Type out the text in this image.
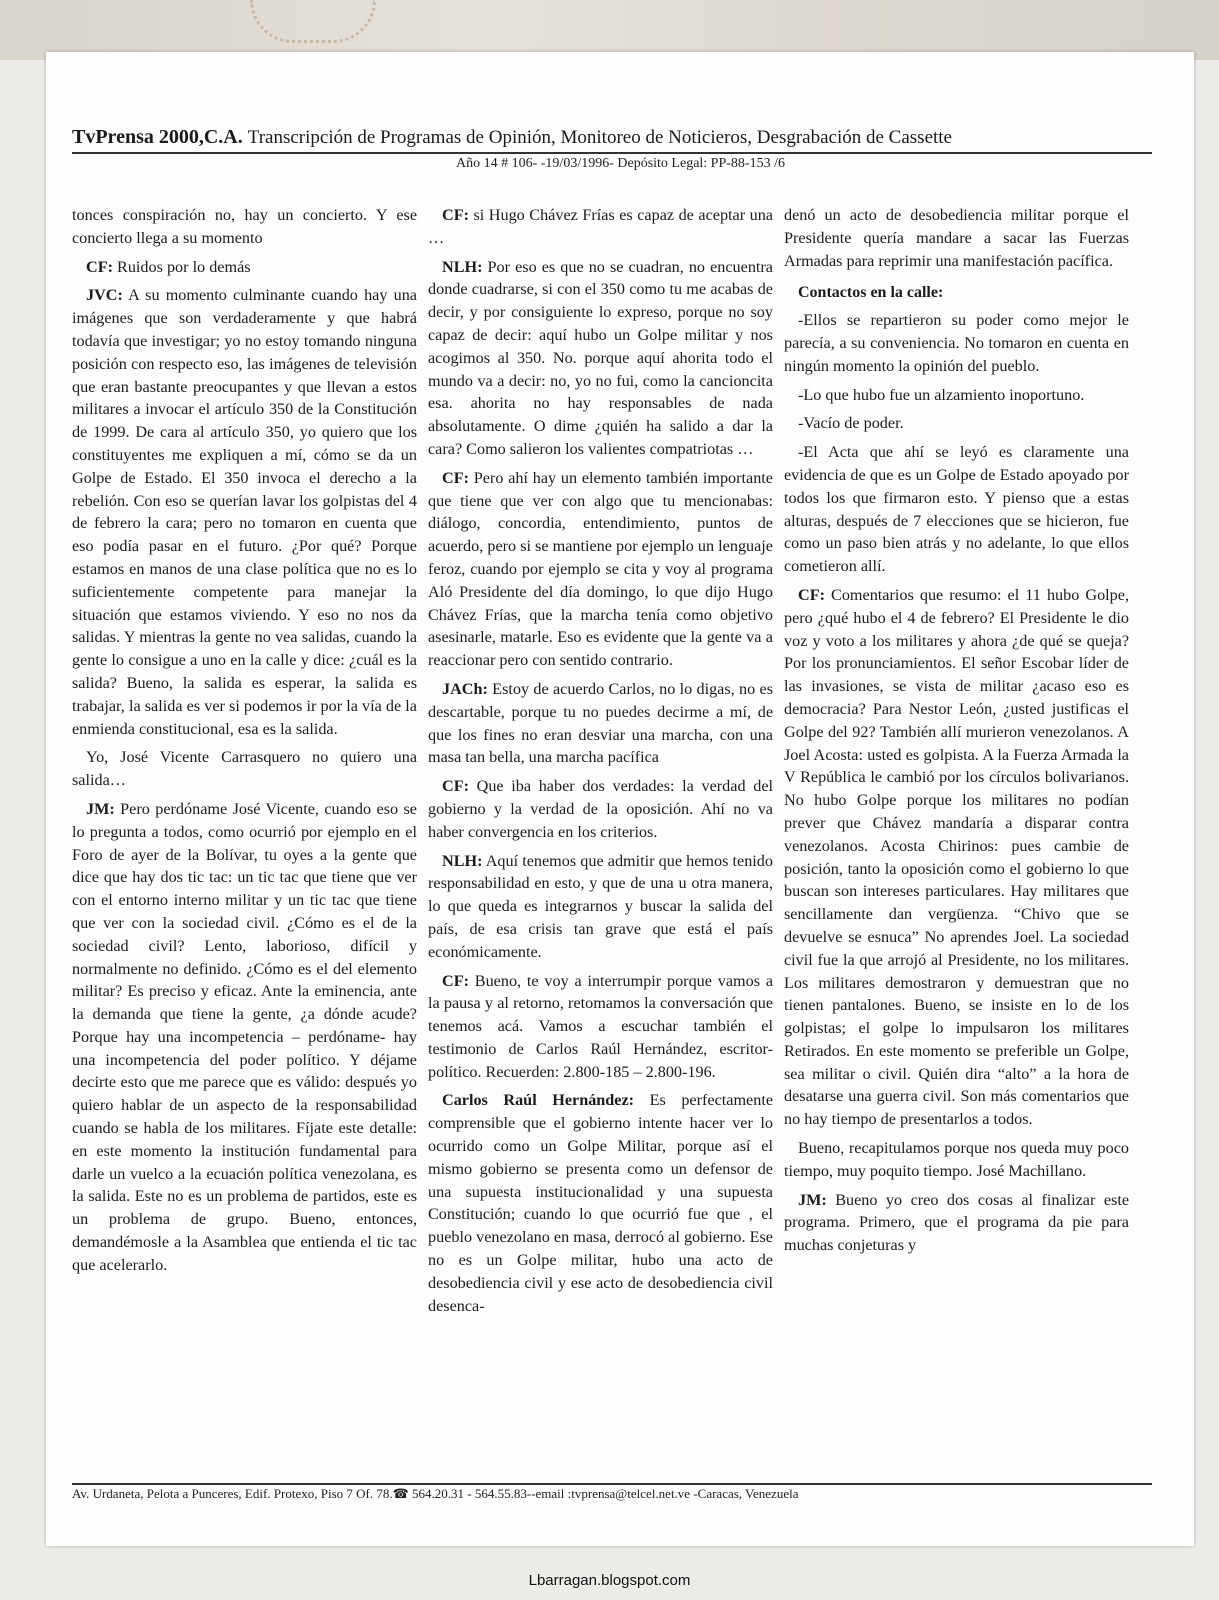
TvPrensa 2000,C.A. Transcripción de Programas de Opinión, Monitoreo de Noticieros, Desgrabación de Cassette
Año 14 # 106- -19/03/1996- Depósito Legal: PP-88-153 /6

tonces conspiración no, hay un concierto. Y ese concierto llega a su momento

CF: Ruidos por lo demás

JVC: A su momento culminante cuando hay una imágenes que son verdaderamente y que habrá todavía que investigar; yo no estoy tomando ninguna posición con respecto eso, las imágenes de televisión que eran bastante preocupantes y que llevan a estos militares a invocar el artículo 350 de la Constitución de 1999. De cara al artículo 350, yo quiero que los constituyentes me expliquen a mí, cómo se da un Golpe de Estado. El 350 invoca el derecho a la rebelión. Con eso se querían lavar los golpistas del 4 de febrero la cara; pero no tomaron en cuenta que eso podía pasar en el futuro. ¿Por qué? Porque estamos en manos de una clase política que no es lo suficientemente competente para manejar la situación que estamos viviendo. Y eso no nos da salidas. Y mientras la gente no vea salidas, cuando la gente lo consigue a uno en la calle y dice: ¿cuál es la salida? Bueno, la salida es esperar, la salida es trabajar, la salida es ver si podemos ir por la vía de la enmienda constitucional, esa es la salida.

Yo, José Vicente Carrasquero no quiero una salida…

JM: Pero perdóname José Vicente, cuando eso se lo pregunta a todos, como ocurrió por ejemplo en el Foro de ayer de la Bolívar, tu oyes a la gente que dice que hay dos tic tac: un tic tac que tiene que ver con el entorno interno militar y un tic tac que tiene que ver con la sociedad civil. ¿Cómo es el de la sociedad civil? Lento, laborioso, difícil y normalmente no definido. ¿Cómo es el del elemento militar? Es preciso y eficaz. Ante la eminencia, ante la demanda que tiene la gente, ¿a dónde acude? Porque hay una incompetencia – perdóname- hay una incompetencia del poder político. Y déjame decirte esto que me parece que es válido: después yo quiero hablar de un aspecto de la responsabilidad cuando se habla de los militares. Fíjate este detalle: en este momento la institución fundamental para darle un vuelco a la ecuación política venezolana, es la salida. Este no es un problema de partidos, este es un problema de grupo. Bueno, entonces, demandémosle a la Asamblea que entienda el tic tac que acelerarlo.

CF: si Hugo Chávez Frías es capaz de aceptar una …

NLH: Por eso es que no se cuadran, no encuentra donde cuadrarse, si con el 350 como tu me acabas de decir, y por consiguiente lo expreso, porque no soy capaz de decir: aquí hubo un Golpe militar y nos acogimos al 350. No. porque aquí ahorita todo el mundo va a decir: no, yo no fui, como la cancioncita esa. ahorita no hay responsables de nada absolutamente. O dime ¿quién ha salido a dar la cara? Como salieron los valientes compatriotas …

CF: Pero ahí hay un elemento también importante que tiene que ver con algo que tu mencionabas: diálogo, concordia, entendimiento, puntos de acuerdo, pero si se mantiene por ejemplo un lenguaje feroz, cuando por ejemplo se cita y voy al programa Aló Presidente del día domingo, lo que dijo Hugo Chávez Frías, que la marcha tenía como objetivo asesinarle, matarle. Eso es evidente que la gente va a reaccionar pero con sentido contrario.

JACh: Estoy de acuerdo Carlos, no lo digas, no es descartable, porque tu no puedes decirme a mí, de que los fines no eran desviar una marcha, con una masa tan bella, una marcha pacífica

CF: Que iba haber dos verdades: la verdad del gobierno y la verdad de la oposición. Ahí no va haber convergencia en los criterios.

NLH: Aquí tenemos que admitir que hemos tenido responsabilidad en esto, y que de una u otra manera, lo que queda es integrarnos y buscar la salida del país, de esa crisis tan grave que está el país económicamente.

CF: Bueno, te voy a interrumpir porque vamos a la pausa y al retorno, retomamos la conversación que tenemos acá. Vamos a escuchar también el testimonio de Carlos Raúl Hernández, escritor-político. Recuerden: 2.800-185 – 2.800-196.

Carlos Raúl Hernández: Es perfectamente comprensible que el gobierno intente hacer ver lo ocurrido como un Golpe Militar, porque así el mismo gobierno se presenta como un defensor de una supuesta institucionalidad y una supuesta Constitución; cuando lo que ocurrió fue que , el pueblo venezolano en masa, derrocó al gobierno. Ese no es un Golpe militar, hubo una acto de desobediencia civil y ese acto de desobediencia civil desenca-

denó un acto de desobediencia militar porque el Presidente quería mandare a sacar las Fuerzas Armadas para reprimir una manifestación pacífica.

Contactos en la calle:

-Ellos se repartieron su poder como mejor le parecía, a su conveniencia. No tomaron en cuenta en ningún momento la opinión del pueblo.

-Lo que hubo fue un alzamiento inoportuno.

-Vacío de poder.

-El Acta que ahí se leyó es claramente una evidencia de que es un Golpe de Estado apoyado por todos los que firmaron esto. Y pienso que a estas alturas, después de 7 elecciones que se hicieron, fue como un paso bien atrás y no adelante, lo que ellos cometieron allí.

CF: Comentarios que resumo: el 11 hubo Golpe, pero ¿qué hubo el 4 de febrero? El Presidente le dio voz y voto a los militares y ahora ¿de qué se queja? Por los pronunciamientos. El señor Escobar líder de las invasiones, se vista de militar ¿acaso eso es democracia? Para Nestor León, ¿usted justificas el Golpe del 92? También allí murieron venezolanos. A Joel Acosta: usted es golpista. A la Fuerza Armada la V República le cambió por los círculos bolivarianos. No hubo Golpe porque los militares no podían prever que Chávez mandaría a disparar contra venezolanos. Acosta Chirinos: pues cambie de posición, tanto la oposición como el gobierno lo que buscan son intereses particulares. Hay militares que sencillamente dan vergüenza. “Chivo que se devuelve se esnuca” No aprendes Joel. La sociedad civil fue la que arrojó al Presidente, no los militares. Los militares demostraron y demuestran que no tienen pantalones. Bueno, se insiste en lo de los golpistas; el golpe lo impulsaron los militares Retirados. En este momento se preferible un Golpe, sea militar o civil. Quién dira “alto” a la hora de desatarse una guerra civil. Son más comentarios que no hay tiempo de presentarlos a todos.

Bueno, recapitulamos porque nos queda muy poco tiempo, muy poquito tiempo. José Machillano.

JM: Bueno yo creo dos cosas al finalizar este programa. Primero, que el programa da pie para muchas conjeturas y

Av. Urdaneta, Pelota a Punceres, Edif. Protexo, Piso 7 Of. 78.☎ 564.20.31 - 564.55.83--email :tvprensa@telcel.net.ve -Caracas, Venezuela
Lbarragan.blogspot.com
